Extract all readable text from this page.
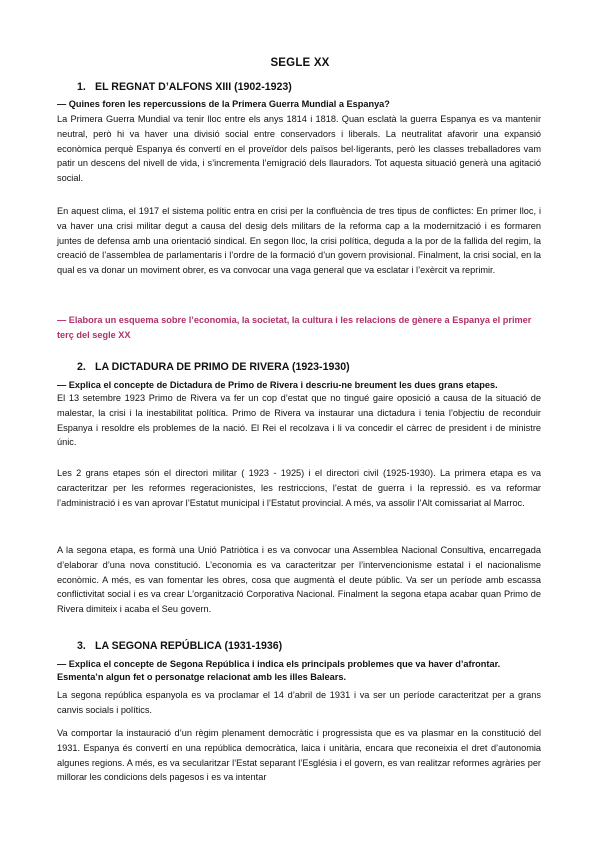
SEGLE XX
1. EL REGNAT D’ALFONS XIII (1902-1923)
— Quines foren les repercussions de la Primera Guerra Mundial a Espanya?
La Primera Guerra Mundial va tenir lloc entre els anys 1814 i 1818. Quan esclatà la guerra Espanya es va mantenir neutral, però hi va haver una divisió social entre conservadors i liberals. La neutralitat afavorir una expansió econòmica perquè Espanya és convertí en el proveïdor dels països bel·ligerants, però les classes treballadores vam patir un descens del nivell de vida, i s’incrementa l’emigració dels llauradors. Tot aquesta situació generà una agitació social.
En aquest clima, el 1917 el sistema polític entra en crisi per la confluència de tres tipus de conflictes: En primer lloc, i va haver una crisi militar degut a causa del desig dels militars de la reforma cap a la modernització i es formaren juntes de defensa amb una orientació sindical. En segon lloc, la crisi política, deguda a la por de la fallida del regim, la creació de l’assemblea de parlamentaris i l’ordre de la formació d’un govern provisional. Finalment, la crisi social, en la qual es va donar un moviment obrer, es va convocar una vaga general que va esclatar i l’exèrcit va reprimir.
— Elabora un esquema sobre l’economia, la societat, la cultura i les relacions de gènere a Espanya el primer terç del segle XX
2. LA DICTADURA DE PRIMO DE RIVERA (1923-1930)
— Explica el concepte de Dictadura de Primo de Rivera i descriu-ne breument les dues grans etapes.
El 13 setembre 1923 Primo de Rivera va fer un cop d’estat que no tingué gaire oposició a causa de la situació de malestar, la crisi i la inestabilitat política. Primo de Rivera va instaurar una dictadura i tenia l’objectiu de reconduir Espanya i resoldre els problemes de la nació. El Rei el recolzava i li va concedir el càrrec de president i de ministre únic.
Les 2 grans etapes són el directori militar ( 1923 - 1925) i el directori civil (1925-1930). La primera etapa es va caracteritzar per les reformes regeracionistes, les restriccions, l’estat de guerra i la repressió. es va reformar l’administració i es van aprovar l’Estatut municipal i l’Estatut provincial. A més, va assolir l’Alt comissariat al Marroc.
A la segona etapa, es formà una Unió Patriòtica i es va convocar una Assemblea Nacional Consultiva, encarregada d’elaborar d’una nova constitució. L’economia es va caracteritzar per l’intervencionisme estatal i el nacionalisme econòmic. A més, es van fomentar les obres, cosa que augmentà el deute públic. Va ser un període amb escassa conflictivitat social i es va crear L’organització Corporativa Nacional. Finalment la segona etapa acabar quan Primo de Rivera dimiteix i acaba el Seu govern.
3. LA SEGONA REPÚBLICA (1931-1936)
— Explica el concepte de Segona República i indica els principals problemes que va haver d’afrontar. Esmenta’n algun fet o personatge relacionat amb les illes Balears.
La segona república espanyola es va proclamar el 14 d’abril de 1931 i va ser un període caracteritzat per a grans canvis socials i polítics.
Va comportar la instauració d’un règim plenament democràtic i progressista que es va plasmar en la constitució del 1931. Espanya és convertí en una república democràtica, laica i unitària, encara que reconeixia el dret d’autonomia algunes regions. A més, es va secularitzar l’Estat separant l’Església i el govern, es van realitzar reformes agràries per millorar les condicions dels pagesos i es va intentar
